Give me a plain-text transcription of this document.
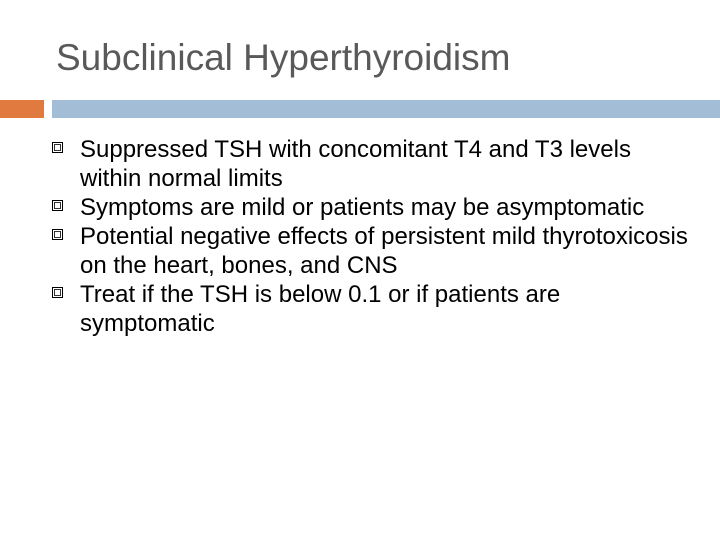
Subclinical Hyperthyroidism
Suppressed TSH with concomitant T4 and T3 levels within normal limits
Symptoms are mild or patients may be asymptomatic
Potential negative effects of persistent mild thyrotoxicosis on the heart, bones, and CNS
Treat if the TSH is below 0.1 or if patients are symptomatic
